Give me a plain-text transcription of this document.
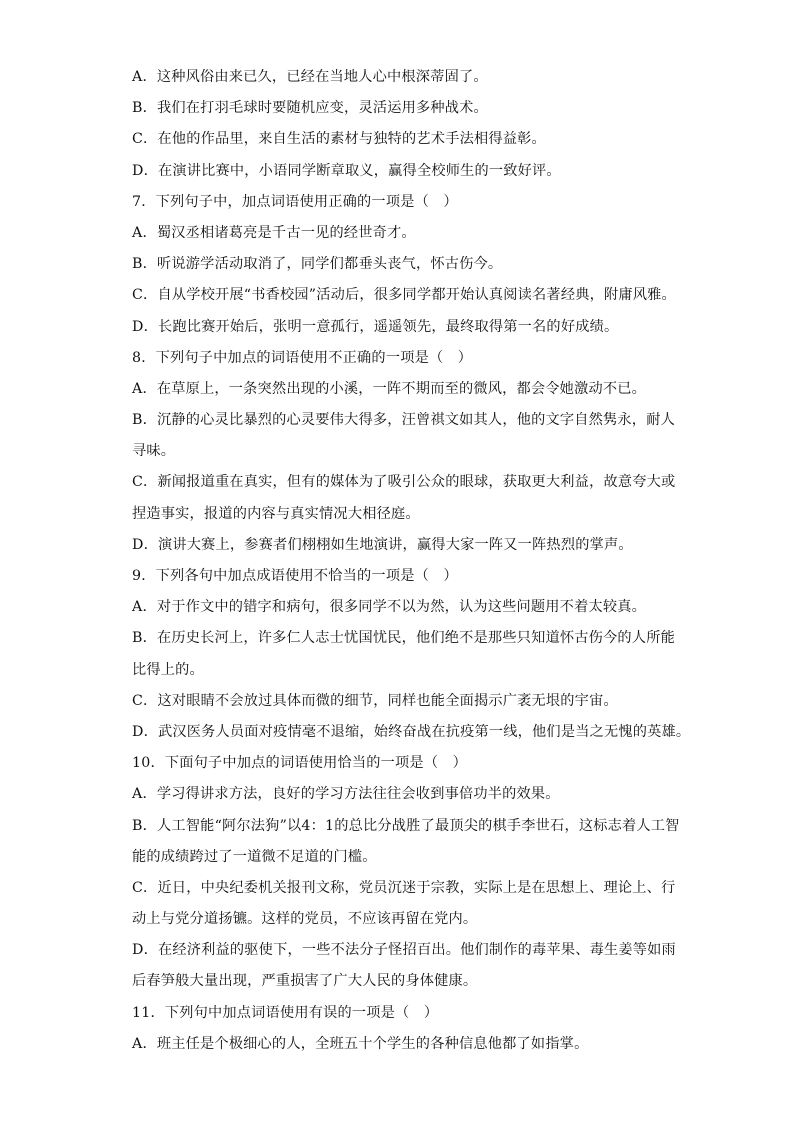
A．这种风俗由来已久，已经在当地人心中根深蒂固了。
B．我们在打羽毛球时要随机应变，灵活运用多种战术。
C．在他的作品里，来自生活的素材与独特的艺术手法相得益彰。
D．在演讲比赛中，小语同学断章取义，赢得全校师生的一致好评。
7．下列句子中，加点词语使用正确的一项是（　）
A．蜀汉丞相诸葛亮是千古一见的经世奇才。
B．听说游学活动取消了，同学们都垂头丧气，怀古伤今。
C．自从学校开展“书香校园”活动后，很多同学都开始认真阅读名著经典，附庸风雅。
D．长跑比赛开始后，张明一意孤行，遥遥领先，最终取得第一名的好成绩。
8．下列句子中加点的词语使用不正确的一项是（　）
A．在草原上，一条突然出现的小溪，一阵不期而至的微风，都会令她激动不已。
B．沉静的心灵比暴烈的心灵要伟大得多，汪曾祺文如其人，他的文字自然隽永，耐人
寻味。
C．新闻报道重在真实，但有的媒体为了吸引公众的眼球，获取更大利益，故意夸大或
捏造事实，报道的内容与真实情况大相径庭。
D．演讲大赛上，参赛者们栩栩如生地演讲，赢得大家一阵又一阵热烈的掌声。
9．下列各句中加点成语使用不恰当的一项是（　）
A．对于作文中的错字和病句，很多同学不以为然，认为这些问题用不着太较真。
B．在历史长河上，许多仁人志士忧国忧民，他们绝不是那些只知道怀古伤今的人所能
比得上的。
C．这对眼睛不会放过具体而微的细节，同样也能全面揭示广袤无垠的宇宙。
D．武汉医务人员面对疫情毫不退缩，始终奋战在抗疫第一线，他们是当之无愧的英雄。
10．下面句子中加点的词语使用恰当的一项是（　）
A．学习得讲求方法，良好的学习方法往往会收到事倍功半的效果。
B．人工智能“阿尔法狗”以4：1的总比分战胜了最顶尖的棋手李世石，这标志着人工智
能的成绩跨过了一道微不足道的门槛。
C．近日，中央纪委机关报刊文称，党员沉迷于宗教，实际上是在思想上、理论上、行
动上与党分道扬镳。这样的党员，不应该再留在党内。
D．在经济利益的驱使下，一些不法分子怪招百出。他们制作的毒苹果、毒生姜等如雨
后春笋般大量出现，严重损害了广大人民的身体健康。
11．下列句中加点词语使用有误的一项是（　）
A．班主任是个极细心的人，全班五十个学生的各种信息他都了如指掌。
